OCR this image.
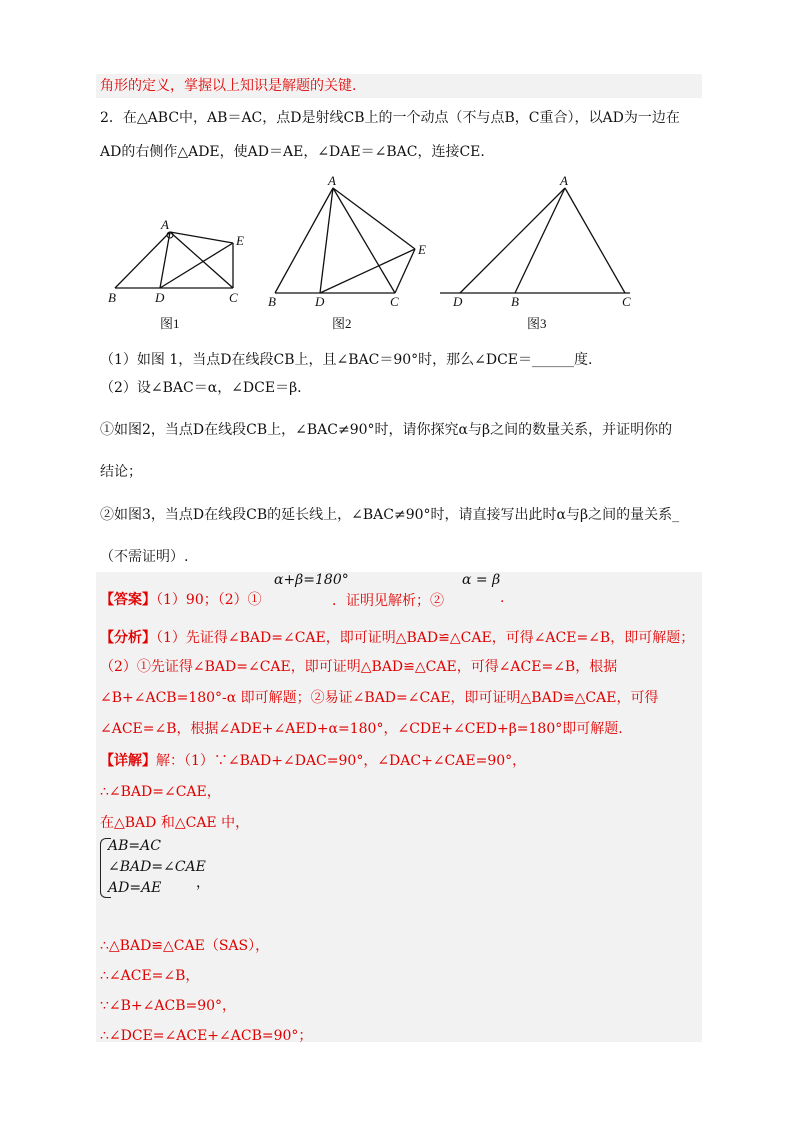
角形的定义，掌握以上知识是解题的关键.
2．在△ABC中，AB＝AC，点D是射线CB上的一个动点（不与点B，C重合），以AD为一边在
AD的右侧作△ADE，使AD＝AE，∠DAE＝∠BAC，连接CE.
A
B	C
D
E
A
B	C
D
E
A
B	C
D
图1	图2	图3
（1）如图 1，当点D在线段CB上，且∠BAC＝90°时，那么∠DCE＝______度.
（2）设∠BAC＝α，∠DCE＝β.
①如图2，当点D在线段CB上，∠BAC≠90°时，请你探究α与β之间的数量关系，并证明你的
结论；
②如图3，当点D在线段CB的延长线上，∠BAC≠90°时，请直接写出此时α与β之间的量关系_
（不需证明）.
【答案】（1）90；（2）①
α+β=180°
．证明见解析；②
α = β
.
【分析】（1）先证得∠BAD=∠CAE，即可证明△BAD≌△CAE，可得∠ACE=∠B，即可解题；
（2）①先证得∠BAD=∠CAE，即可证明△BAD≌△CAE，可得∠ACE=∠B，根据
∠B+∠ACB=180°-α 即可解题；②易证∠BAD=∠CAE，即可证明△BAD≌△CAE，可得
∠ACE=∠B，根据∠ADE+∠AED+α=180°，∠CDE+∠CED+β=180°即可解题.
【详解】解：（1）∵∠BAD+∠DAC=90°，∠DAC+∠CAE=90°，
∴∠BAD=∠CAE，
在△BAD 和△CAE 中，
AB=AC
∠BAD=∠CAE
AD=AE ，
∴△BAD≌△CAE（SAS），
∴∠ACE=∠B，
∵∠B+∠ACB=90°，
∴∠DCE=∠ACE+∠ACB=90°；
